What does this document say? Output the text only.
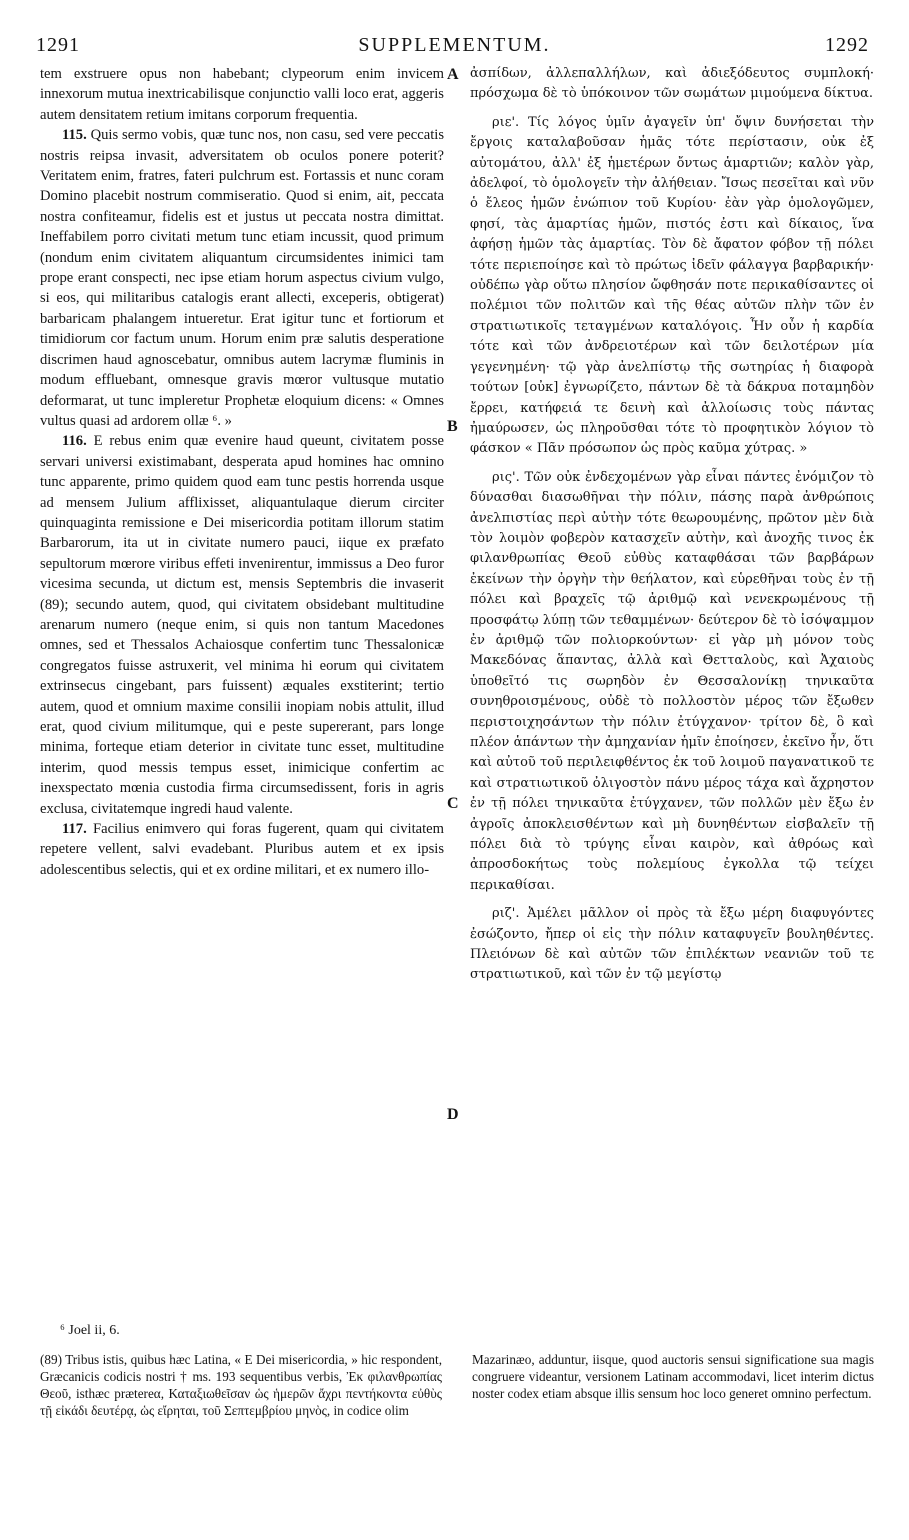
1291	SUPPLEMENTUM.	1292
A
B
C
D

tem exstruere opus non habebant; clypeorum enim invicem innexorum mutua inextricabilisque conjunctio valli loco erat, aggeris autem densitatem retium imitans corporum frequentia.

115. Quis sermo vobis, quæ tunc nos, non casu, sed vere peccatis nostris reipsa invasit, adversitatem ob oculos ponere poterit? Veritatem enim, fratres, fateri pulchrum est. Fortassis et nunc coram Domino placebit nostrum commiseratio. Quod si enim, ait, peccata nostra confiteamur, fidelis est et justus ut peccata nostra dimittat. Ineffabilem porro civitati metum tunc etiam incussit, quod primum (nondum enim civitatem aliquantum circumsidentes inimici tam prope erant conspecti, nec ipse etiam horum aspectus civium vulgo, si eos, qui militaribus catalogis erant allecti, exceperis, obtigerat) barbaricam phalangem intueretur. Erat igitur tunc et fortiorum et timidiorum cor factum unum. Horum enim præ salutis desperatione discrimen haud agnoscebatur, omnibus autem lacrymæ fluminis in modum effluebant, omnesque gravis mœror vultusque mutatio deformarat, ut tunc impleretur Prophetæ eloquium dicens: « Omnes vultus quasi ad ardorem ollæ ⁶. »

116. E rebus enim quæ evenire haud queunt, civitatem posse servari universi existimabant, desperata apud homines hac omnino tunc apparente, primo quidem quod eam tunc pestis horrenda usque ad mensem Julium afflixisset, aliquantulaque dierum circiter quinquaginta remissione e Dei misericordia potitam illorum statim Barbarorum, ita ut in civitate numero pauci, iique ex præfato sepultorum mœrore viribus effeti invenirentur, immissus a Deo furor vicesima secunda, ut dictum est, mensis Septembris die invaserit (89); secundo autem, quod, qui civitatem obsidebant multitudine arenarum numero (neque enim, si quis non tantum Macedones omnes, sed et Thessalos Achaiosque confertim tunc Thessalonicæ congregatos fuisse astruxerit, vel minima hi eorum qui civitatem extrinsecus cingebant, pars fuissent) æquales exstiterint; tertio autem, quod et omnium maxime consilii inopiam nobis attulit, illud erat, quod civium militumque, qui e peste supererant, pars longe minima, forteque etiam deterior in civitate tunc esset, multitudine interim, quod messis tempus esset, inimicique confertim ac inexspectato mœnia custodia firma circumsedissent, foris in agris exclusa, civitatemque ingredi haud valente.

117. Facilius enimvero qui foras fugerent, quam qui civitatem repetere vellent, salvi evadebant. Pluribus autem et ex ipsis adolescentibus selectis, qui et ex ordine militari, et ex numero illo-

ἀσπίδων, ἀλλεπαλλήλων, καὶ ἀδιεξόδευτος συμπλοκή· πρόσχωμα δὲ τὸ ὑπόκοινον τῶν σωμάτων μιμούμενα δίκτυα.

ριε'. Τίς λόγος ὑμῖν ἀγαγεῖν ὑπ' ὄψιν δυνήσεται τὴν ἔργοις καταλαβοῦσαν ἡμᾶς τότε περίστασιν, οὐκ ἐξ αὐτομάτου, ἀλλ' ἐξ ἡμετέρων ὄντως ἁμαρτιῶν; καλὸν γὰρ, ἀδελφοί, τὸ ὁμολογεῖν τὴν ἀλήθειαν. Ἴσως πεσεῖται καὶ νῦν ὁ ἔλεος ἡμῶν ἐνώπιον τοῦ Κυρίου· ἐὰν γὰρ ὁμολογῶμεν, φησί, τὰς ἁμαρτίας ἡμῶν, πιστός ἐστι καὶ δίκαιος, ἵνα ἀφήσῃ ἡμῶν τὰς ἁμαρτίας. Τὸν δὲ ἄφατον φόβον τῇ πόλει τότε περιεποίησε καὶ τὸ πρώτως ἰδεῖν φάλαγγα βαρβαρικήν· οὐδέπω γὰρ οὕτω πλησίον ὤφθησάν ποτε περικαθίσαντες οἱ πολέμιοι τῶν πολιτῶν καὶ τῆς θέας αὐτῶν πλὴν τῶν ἐν στρατιωτικοῖς τεταγμένων καταλόγοις. Ἦν οὖν ἡ καρδία τότε καὶ τῶν ἀνδρειοτέρων καὶ τῶν δειλοτέρων μία γεγενημένη· τῷ γὰρ ἀνελπίστῳ τῆς σωτηρίας ἡ διαφορὰ τούτων [οὐκ] ἐγνωρίζετο, πάντων δὲ τὰ δάκρυα ποταμηδὸν ἔρρει, κατήφειά τε δεινὴ καὶ ἀλλοίωσις τοὺς πάντας ἠμαύρωσεν, ὡς πληροῦσθαι τότε τὸ προφητικὸν λόγιον τὸ φάσκον « Πᾶν πρόσωπον ὡς πρὸς καῦμα χύτρας. »

ρις'. Τῶν οὐκ ἐνδεχομένων γὰρ εἶναι πάντες ἐνόμιζον τὸ δύνασθαι διασωθῆναι τὴν πόλιν, πάσης παρὰ ἀνθρώποις ἀνελπιστίας περὶ αὐτὴν τότε θεωρουμένης, πρῶτον μὲν διὰ τὸν λοιμὸν φοβερὸν κατασχεῖν αὐτὴν, καὶ ἀνοχῆς τινος ἐκ φιλανθρωπίας Θεοῦ εὐθὺς καταφθάσαι τῶν βαρβάρων ἐκείνων τὴν ὀργὴν τὴν θεήλατον, καὶ εὑρεθῆναι τοὺς ἐν τῇ πόλει καὶ βραχεῖς τῷ ἀριθμῷ καὶ νενεκρωμένους τῇ προσφάτῳ λύπῃ τῶν τεθαμμένων· δεύτερον δὲ τὸ ἰσόψαμμον ἐν ἀριθμῷ τῶν πολιορκούντων· εἰ γὰρ μὴ μόνον τοὺς Μακεδόνας ἅπαντας, ἀλλὰ καὶ Θετταλοὺς, καὶ Ἀχαιοὺς ὑποθεῖτό τις σωρηδὸν ἐν Θεσσαλονίκῃ τηνικαῦτα συνηθροισμένους, οὐδὲ τὸ πολλοστὸν μέρος τῶν ἔξωθεν περιστοιχησάντων τὴν πόλιν ἐτύγχανον· τρίτον δὲ, ὃ καὶ πλέον ἁπάντων τὴν ἀμηχανίαν ἡμῖν ἐποίησεν, ἐκεῖνο ἦν, ὅτι καὶ αὐτοῦ τοῦ περιλειφθέντος ἐκ τοῦ λοιμοῦ παγανατικοῦ τε καὶ στρατιωτικοῦ ὀλιγοστὸν πάνυ μέρος τάχα καὶ ἄχρηστον ἐν τῇ πόλει τηνικαῦτα ἐτύγχανεν, τῶν πολλῶν μὲν ἔξω ἐν ἀγροῖς ἀποκλεισθέντων καὶ μὴ δυνηθέντων εἰσβαλεῖν τῇ πόλει διὰ τὸ τρύγης εἶναι καιρὸν, καὶ ἀθρόως καὶ ἀπροσδοκήτως τοὺς πολεμίους ἐγκολλα τῷ τείχει περικαθίσαι.

ριζ'. Ἀμέλει μᾶλλον οἱ πρὸς τὰ ἔξω μέρη διαφυγόντες ἐσώζοντο, ἤπερ οἱ εἰς τὴν πόλιν καταφυγεῖν βουληθέντες. Πλειόνων δὲ καὶ αὐτῶν τῶν ἐπιλέκτων νεανιῶν τοῦ τε στρατιωτικοῦ, καὶ τῶν ἐν τῷ μεγίστῳ

⁶ Joel ii, 6.

(89) Tribus istis, quibus hæc Latina, « E Dei misericordia, » hic respondent, Græcanicis codicis nostri † ms. 193 sequentibus verbis, Ἐκ φιλανθρωπίας Θεοῦ, isthæc prætereα, Καταξιωθεῖσαν ὡς ἡμερῶν ἄχρι πεντήκοντα εὐθὺς τῇ εἰκάδι δευτέρᾳ, ὡς εἴρηται, τοῦ Σεπτεμβρίου μηνὸς, in codice olim
Mazarinæo, adduntur, iisque, quod auctoris sensui significatione sua magis congruere videantur, versionem Latinam accommodavi, licet interim dictus noster codex etiam absque illis sensum hoc loco generet omnino perfectum.
